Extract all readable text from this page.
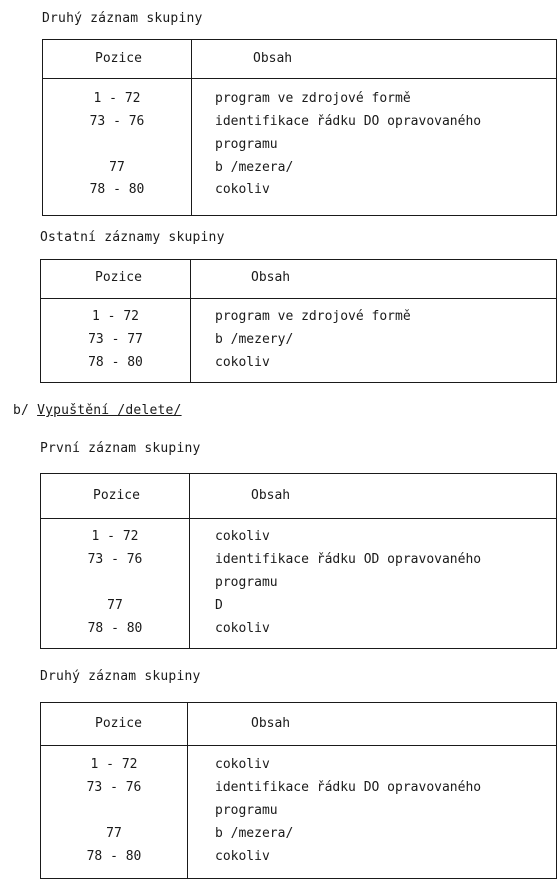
Druhý záznam skupiny
Pozice	Obsah
1 - 72	program ve zdrojové formě
73 - 76	identifikace řádku DO opravovaného
programu
77	b /mezera/
78 - 80	cokoliv
Ostatní záznamy skupiny
Pozice	Obsah
1 - 72	program ve zdrojové formě
73 - 77	b /mezery/
78 - 80	cokoliv
b/ Vypuštění /delete/
První záznam skupiny
Pozice	Obsah
1 - 72	cokoliv
73 - 76	identifikace řádku OD opravovaného
programu
77	D
78 - 80	cokoliv
Druhý záznam skupiny
Pozice	Obsah
1 - 72	cokoliv
73 - 76	identifikace řádku DO opravovaného
programu
77	b /mezera/
78 - 80	cokoliv
